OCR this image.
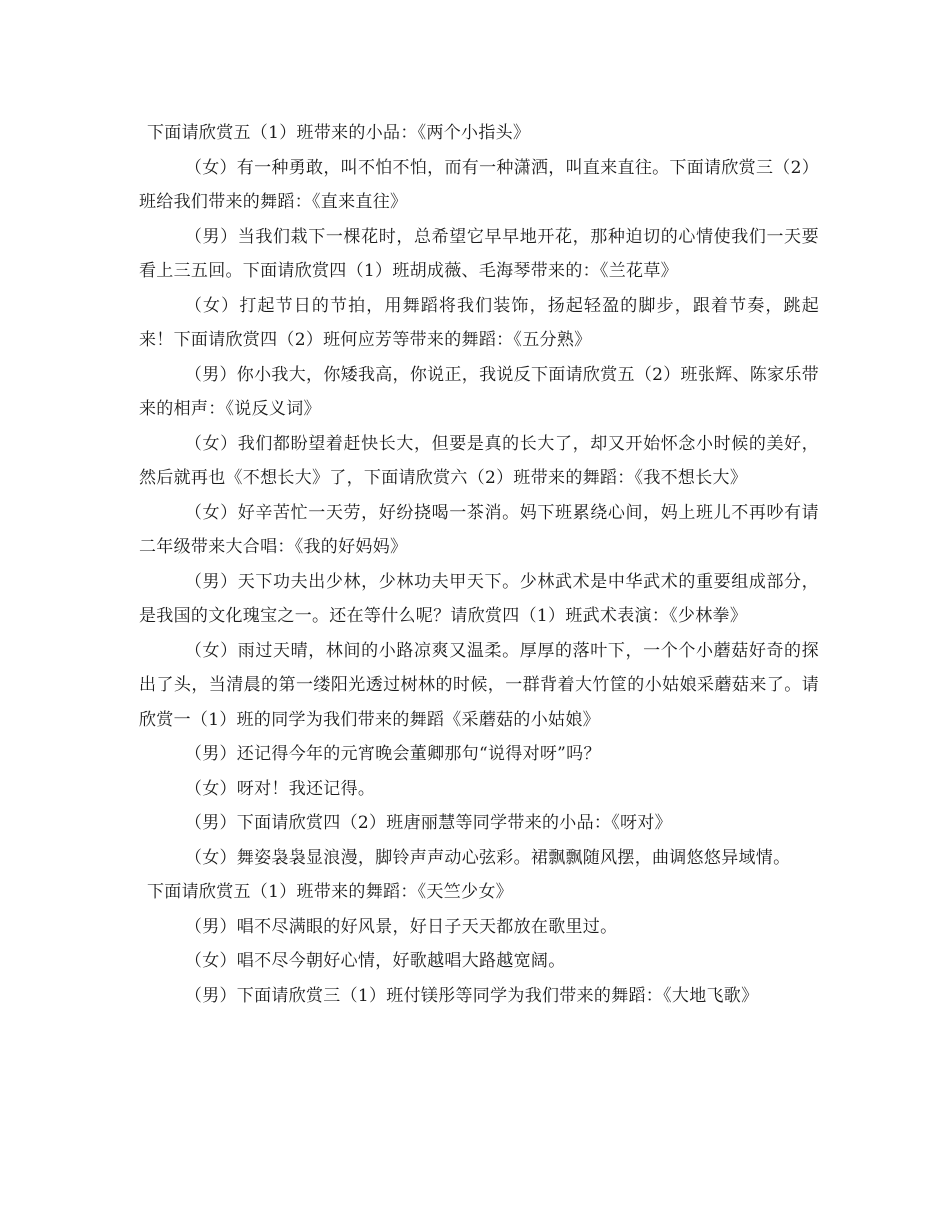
下面请欣赏五（1）班带来的小品：《两个小指头》

（女）有一种勇敢，叫不怕不怕，而有一种潇洒，叫直来直往。下面请欣赏三（2）班给我们带来的舞蹈：《直来直往》

（男）当我们栽下一棵花时，总希望它早早地开花，那种迫切的心情使我们一天要看上三五回。下面请欣赏四（1）班胡成薇、毛海琴带来的：《兰花草》

（女）打起节日的节拍，用舞蹈将我们装饰，扬起轻盈的脚步，跟着节奏，跳起来！下面请欣赏四（2）班何应芳等带来的舞蹈：《五分熟》

（男）你小我大，你矮我高，你说正，我说反下面请欣赏五（2）班张辉、陈家乐带来的相声：《说反义词》

（女）我们都盼望着赶快长大，但要是真的长大了，却又开始怀念小时候的美好，然后就再也《不想长大》了，下面请欣赏六（2）班带来的舞蹈：《我不想长大》

（女）好辛苦忙一天劳，好纷挠喝一茶消。妈下班累绕心间，妈上班儿不再吵有请二年级带来大合唱：《我的好妈妈》

（男）天下功夫出少林，少林功夫甲天下。少林武术是中华武术的重要组成部分，是我国的文化瑰宝之一。还在等什么呢？请欣赏四（1）班武术表演：《少林拳》

（女）雨过天晴，林间的小路凉爽又温柔。厚厚的落叶下，一个个小蘑菇好奇的探出了头，当清晨的第一缕阳光透过树林的时候，一群背着大竹筐的小姑娘采蘑菇来了。请欣赏一（1）班的同学为我们带来的舞蹈《采蘑菇的小姑娘》

（男）还记得今年的元宵晚会董卿那句“说得对呀”吗？

（女）呀对！我还记得。

（男）下面请欣赏四（2）班唐丽慧等同学带来的小品：《呀对》

（女）舞姿袅袅显浪漫，脚铃声声动心弦彩。裙飘飘随风摆，曲调悠悠异域情。

下面请欣赏五（1）班带来的舞蹈：《天竺少女》

（男）唱不尽满眼的好风景，好日子天天都放在歌里过。

（女）唱不尽今朝好心情，好歌越唱大路越宽阔。

（男）下面请欣赏三（1）班付镁彤等同学为我们带来的舞蹈：《大地飞歌》
